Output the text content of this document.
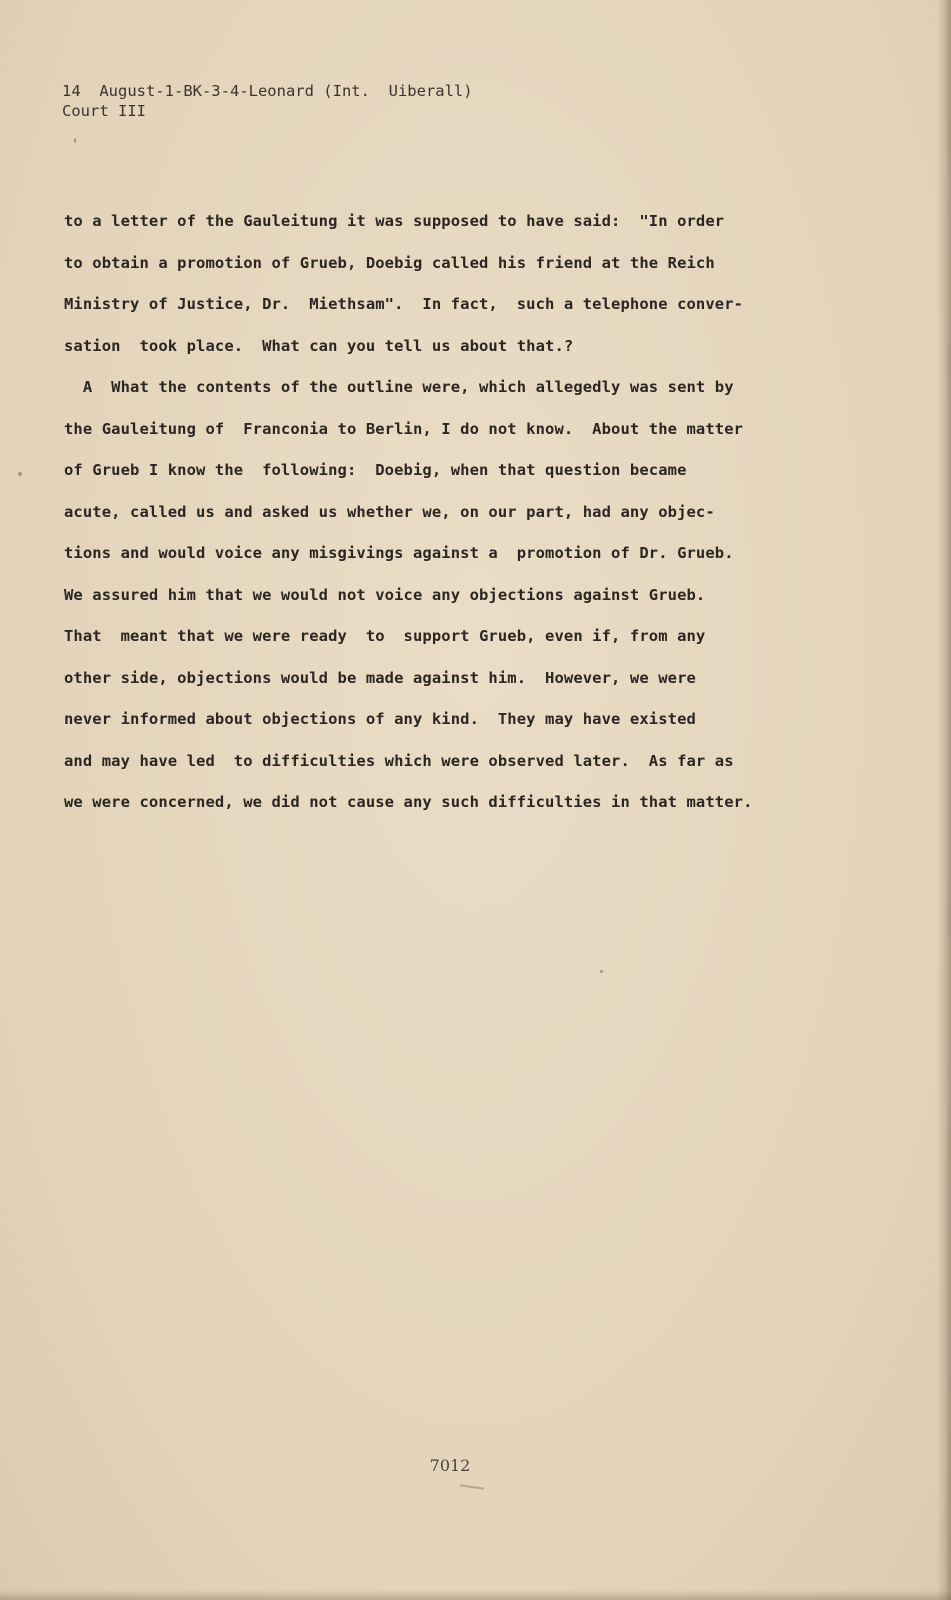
14  August-1-BK-3-4-Leonard (Int.  Uiberall)
Court III
to a letter of the Gauleitung it was supposed to have said:  "In order
to obtain a promotion of Grueb, Doebig called his friend at the Reich
Ministry of Justice, Dr.  Miethsam".  In fact,  such a telephone conver-
sation  took place.  What can you tell us about that.?
A  What the contents of the outline were, which allegedly was sent by
the Gauleitung of  Franconia to Berlin, I do not know.  About the matter
of Grueb I know the  following:  Doebig, when that question became
acute, called us and asked us whether we, on our part, had any objec-
tions and would voice any misgivings against a  promotion of Dr. Grueb.
We assured him that we would not voice any objections against Grueb.
That  meant that we were ready  to  support Grueb, even if, from any
other side, objections would be made against him.  However, we were
never informed about objections of any kind.  They may have existed
and may have led  to difficulties which were observed later.  As far as
we were concerned, we did not cause any such difficulties in that matter.
7012
